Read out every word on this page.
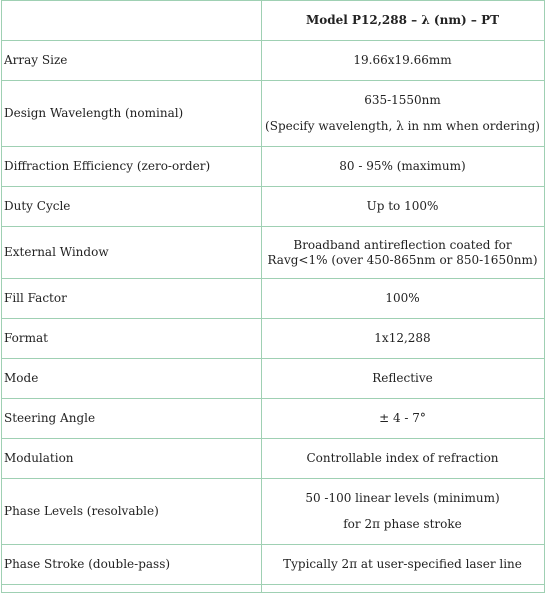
	Model P12,288 – λ (nm) – PT
Array Size	19.66x19.66mm
Design Wavelength (nominal)	635-1550nm
(Specify wavelength, λ in nm when ordering)

Diffraction Efficiency (zero-order)	80 - 95% (maximum)
Duty Cycle	Up to 100%
External Window	Broadband antireflection coated for Ravg<1% (over 450-865nm or 850-1650nm)
Fill Factor	100%
Format	1x12,288
Mode	Reflective
Steering Angle	± 4 - 7°
Modulation	Controllable index of refraction
Phase Levels (resolvable)	50 -100 linear levels (minimum)
for 2π phase stroke

Phase Stroke (double-pass)	Typically 2π at user-specified laser line
